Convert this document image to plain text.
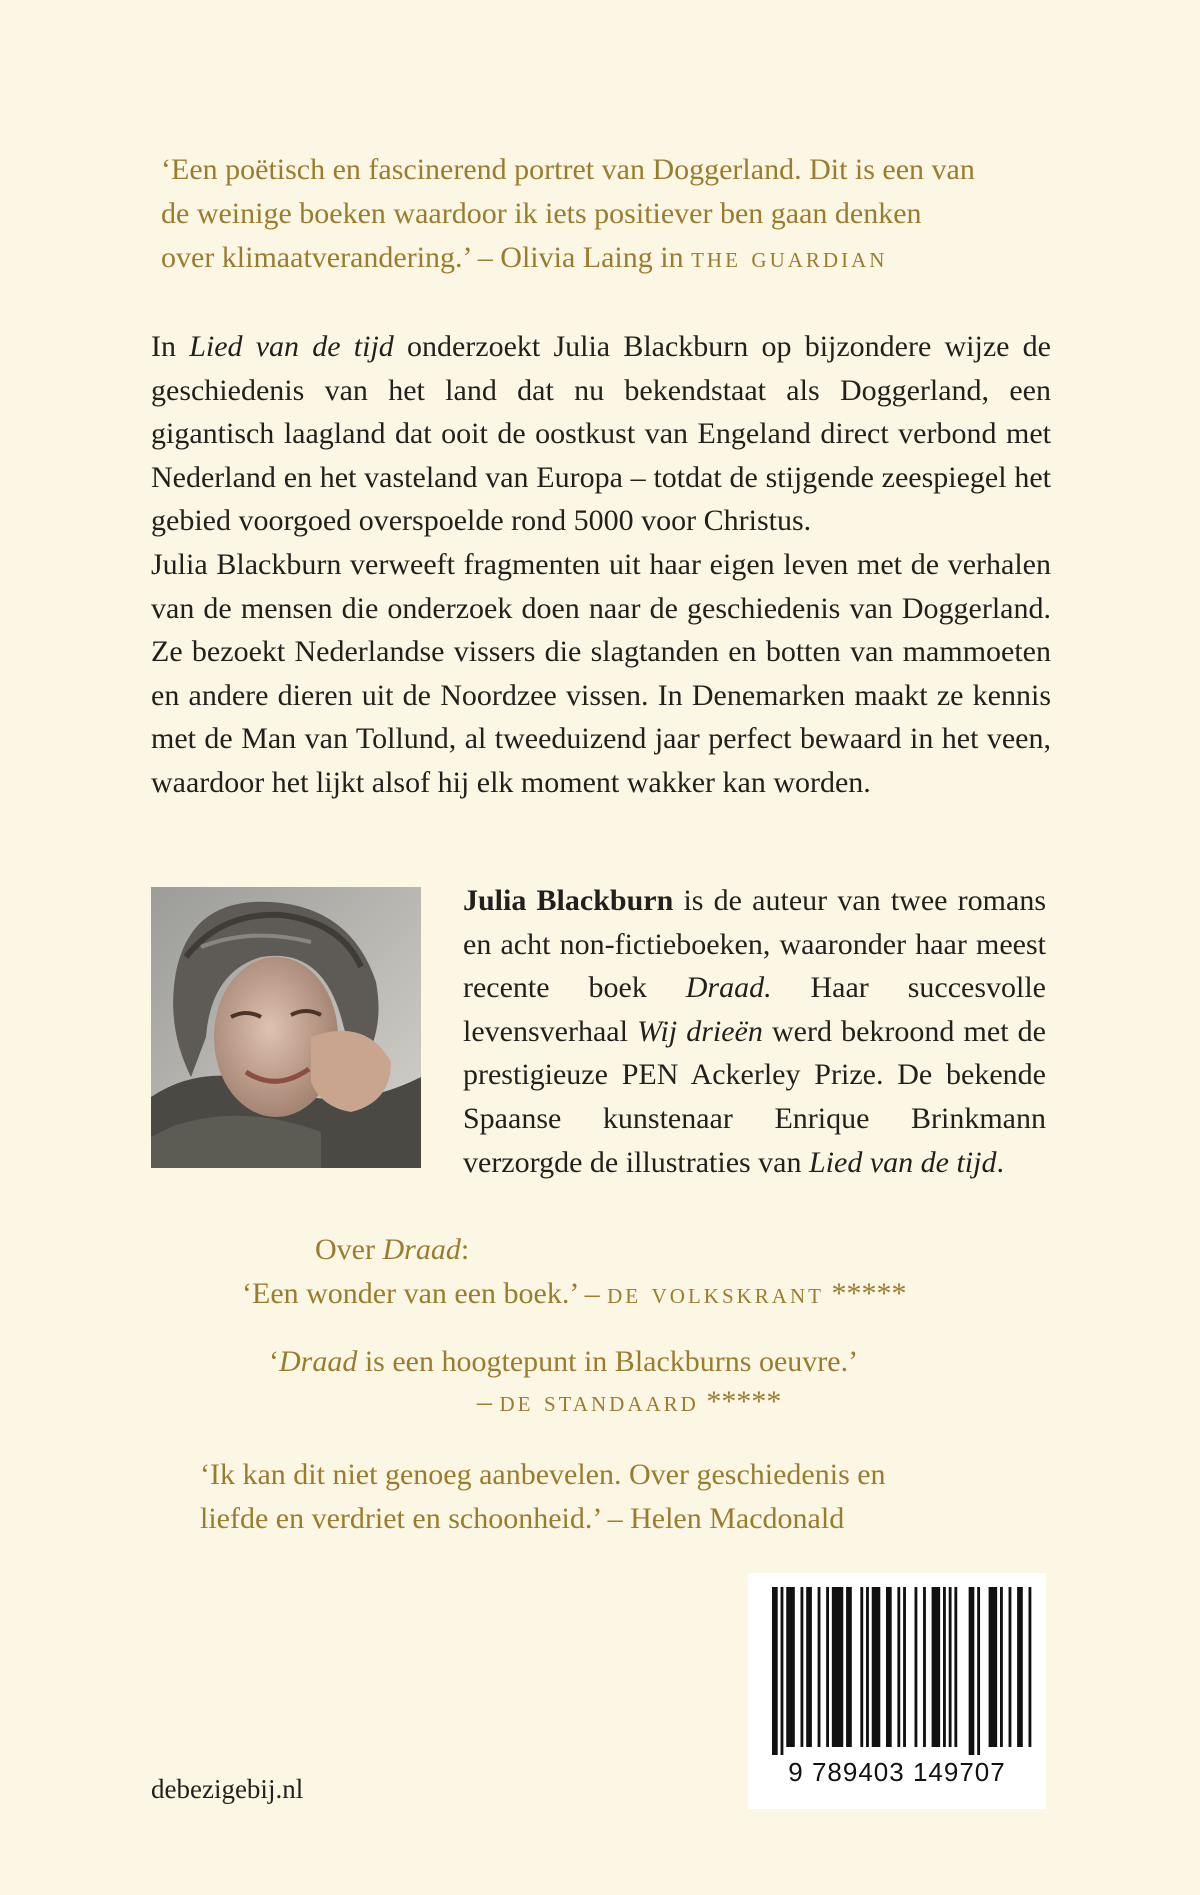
‘Een poëtisch en fascinerend portret van Doggerland. Dit is een van
de weinige boeken waardoor ik iets positiever ben gaan denken
over klimaatverandering.’ – Olivia Laing in the guardian

In Lied van de tijd onderzoekt Julia Blackburn op bijzondere wijze de geschiedenis van het land dat nu bekendstaat als Doggerland, een gigantisch laagland dat ooit de oostkust van Engeland direct verbond met Nederland en het vasteland van Europa – totdat de stijgende zeespiegel het gebied voorgoed overspoelde rond 5000 voor Christus.

Julia Blackburn verweeft fragmenten uit haar eigen leven met de verhalen van de mensen die onderzoek doen naar de geschiedenis van Doggerland. Ze bezoekt Nederlandse vissers die slagtanden en botten van mammoeten en andere dieren uit de Noordzee vissen. In Denemarken maakt ze kennis met de Man van Tollund, al tweeduizend jaar perfect bewaard in het veen, waardoor het lijkt alsof hij elk moment wakker kan worden.

Julia Blackburn is de auteur van twee romans en acht non-fictieboeken, waaronder haar meest recente boek Draad. Haar succesvolle levensverhaal Wij drieën werd bekroond met de prestigieuze PEN Ackerley Prize. De bekende Spaanse kunstenaar Enrique Brinkmann verzorgde de illustraties van Lied van de tijd.

Over Draad:
‘Een wonder van een boek.’ – de volkskrant *****
‘Draad is een hoogtepunt in Blackburns oeuvre.’
– de standaard *****
‘Ik kan dit niet genoeg aanbevelen. Over geschiedenis en
liefde en verdriet en schoonheid.’ – Helen Macdonald
9 789403 149707
debezigebij.nl
